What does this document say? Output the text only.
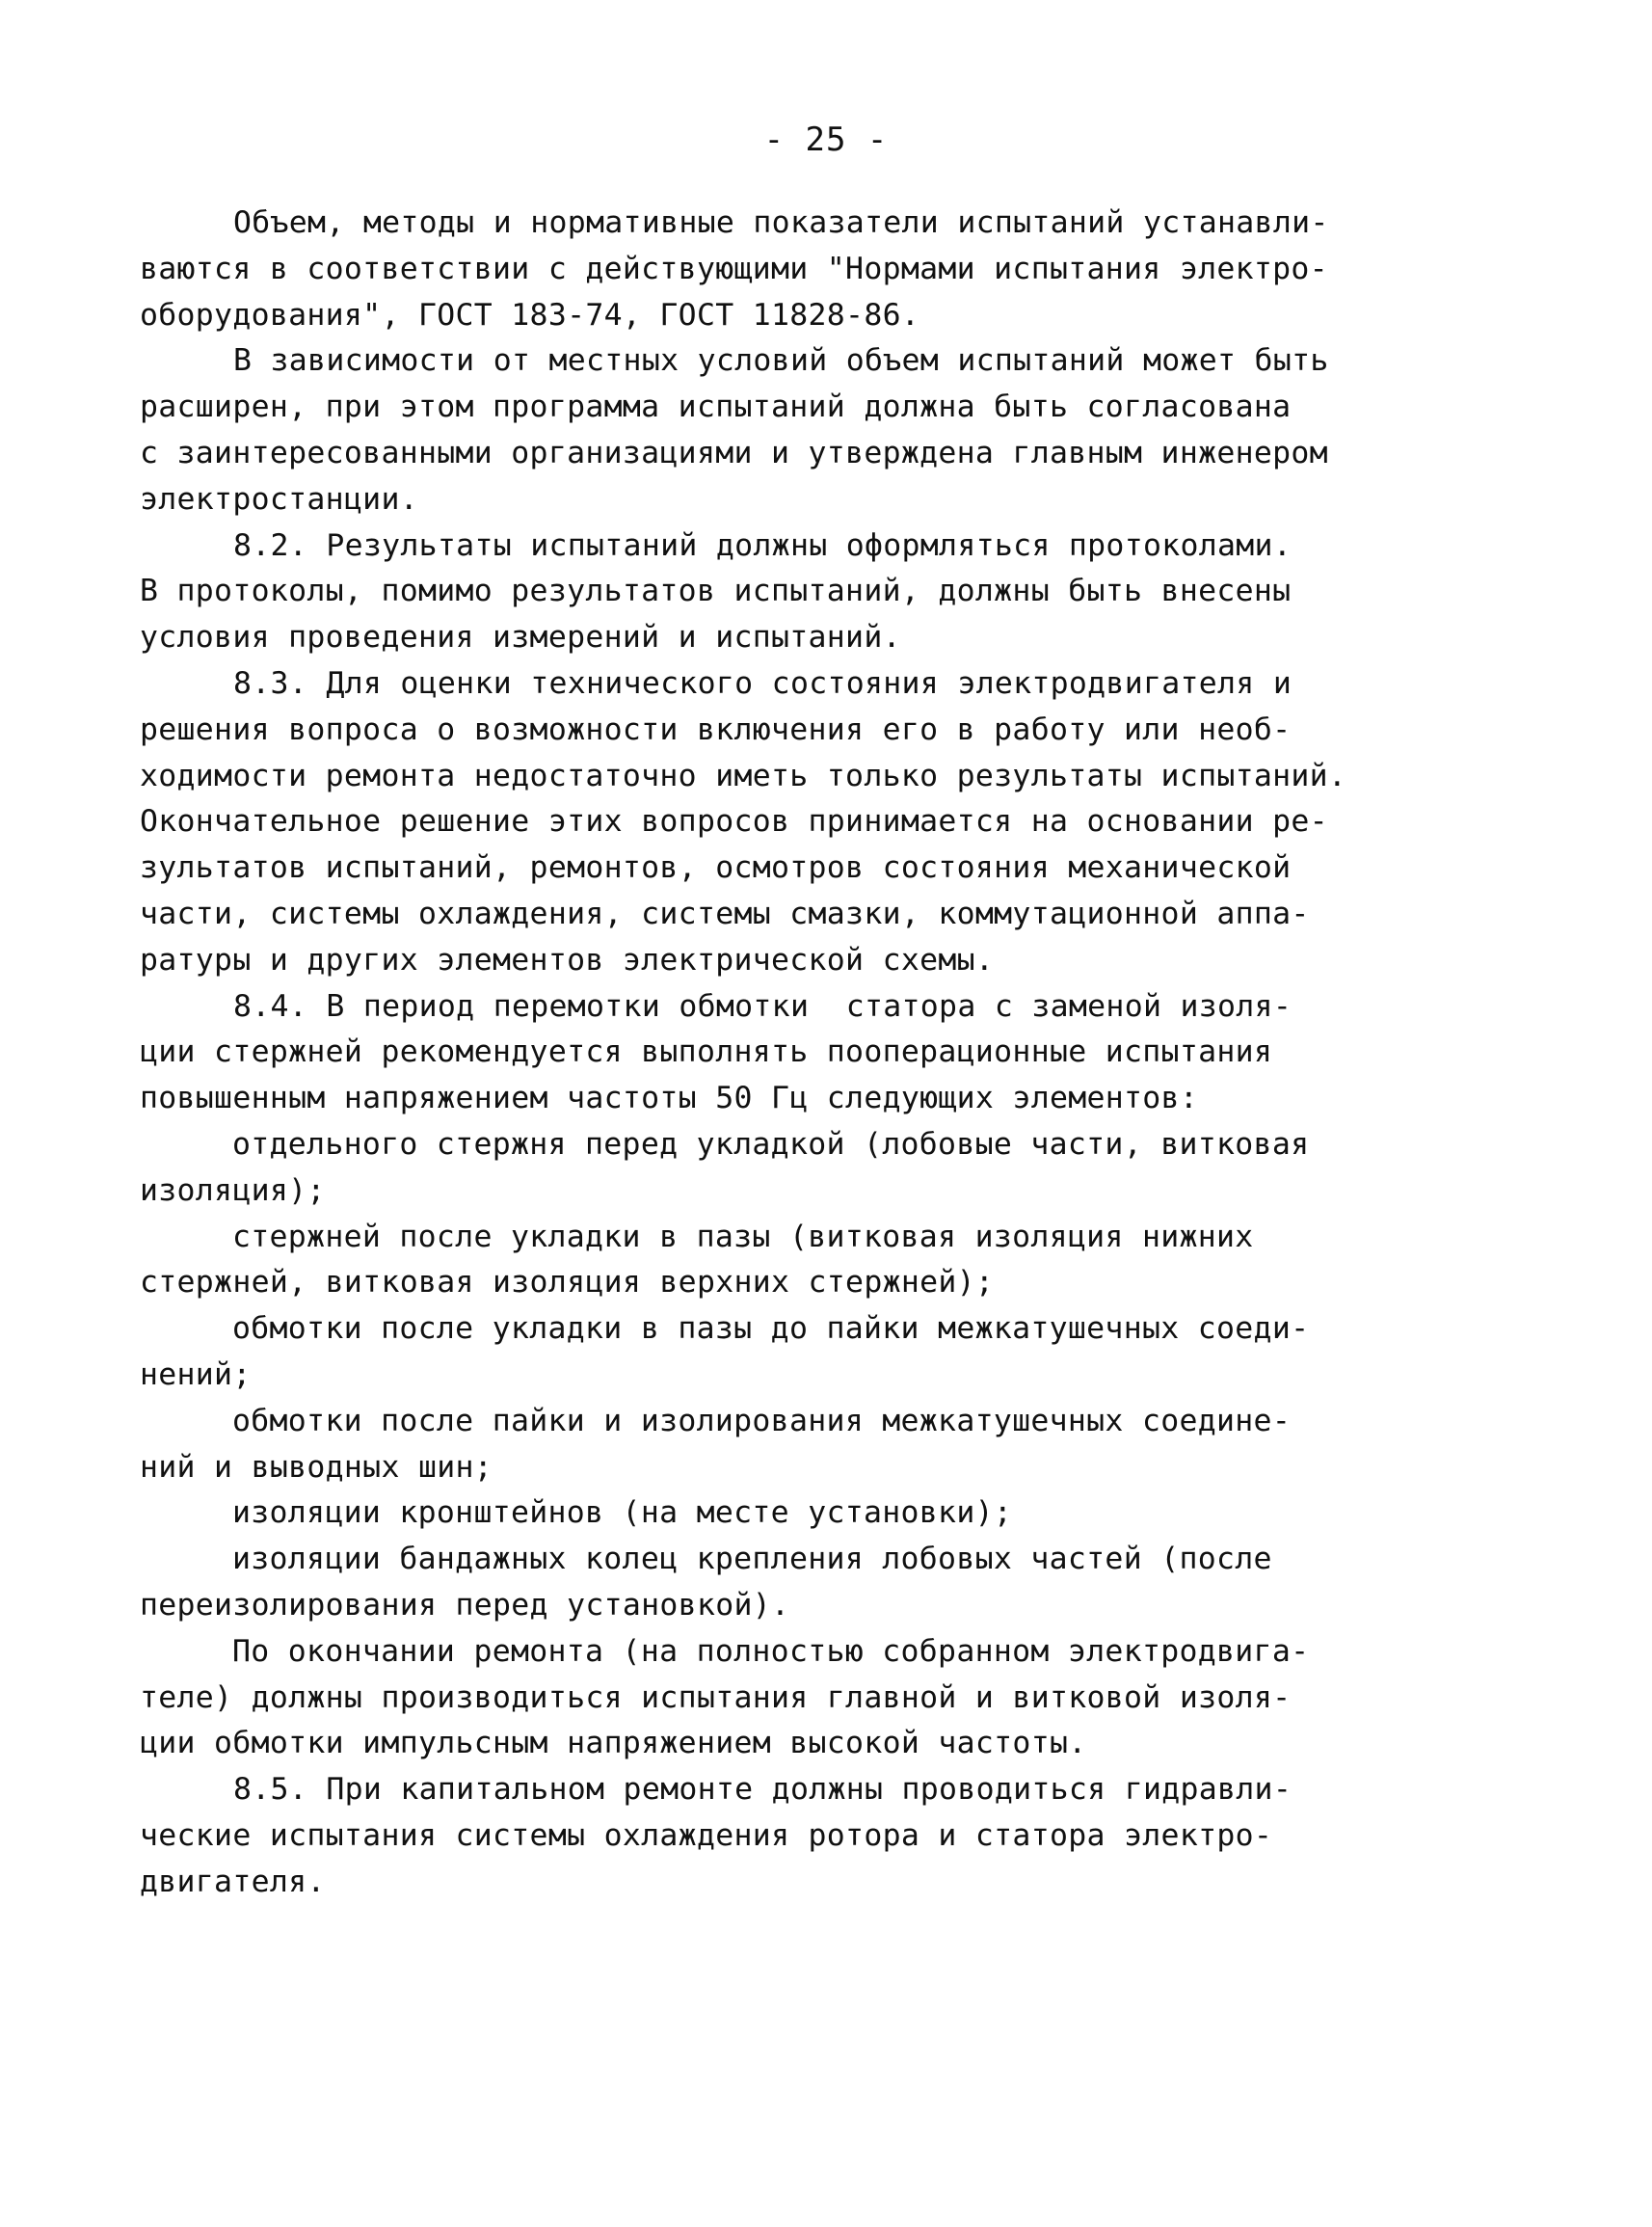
- 25 -
Объем, методы и нормативные показатели испытаний устанавли-
ваются в соответствии с действующими "Нормами испытания электро-
оборудования", ГОСТ 183-74, ГОСТ 11828-86.
В зависимости от местных условий объем испытаний может быть
расширен, при этом программа испытаний должна быть согласована
с заинтересованными организациями и утверждена главным инженером
электростанции.
8.2. Результаты испытаний должны оформляться протоколами.
В протоколы, помимо результатов испытаний, должны быть внесены
условия проведения измерений и испытаний.
8.3. Для оценки технического состояния электродвигателя и
решения вопроса о возможности включения его в работу или необ-
ходимости ремонта недостаточно иметь только результаты испытаний.
Окончательное решение этих вопросов принимается на основании ре-
зультатов испытаний, ремонтов, осмотров состояния механической
части, системы охлаждения, системы смазки, коммутационной аппа-
ратуры и других элементов электрической схемы.
8.4. В период перемотки обмотки  статора с заменой изоля-
ции стержней рекомендуется выполнять пооперационные испытания
повышенным напряжением частоты 50 Гц следующих элементов:
отдельного стержня перед укладкой (лобовые части, витковая
изоляция);
стержней после укладки в пазы (витковая изоляция нижних
стержней, витковая изоляция верхних стержней);
обмотки после укладки в пазы до пайки межкатушечных соеди-
нений;
обмотки после пайки и изолирования межкатушечных соедине-
ний и выводных шин;
изоляции кронштейнов (на месте установки);
изоляции бандажных колец крепления лобовых частей (после
переизолирования перед установкой).
По окончании ремонта (на полностью собранном электродвига-
теле) должны производиться испытания главной и витковой изоля-
ции обмотки импульсным напряжением высокой частоты.
8.5. При капитальном ремонте должны проводиться гидравли-
ческие испытания системы охлаждения ротора и статора электро-
двигателя.
